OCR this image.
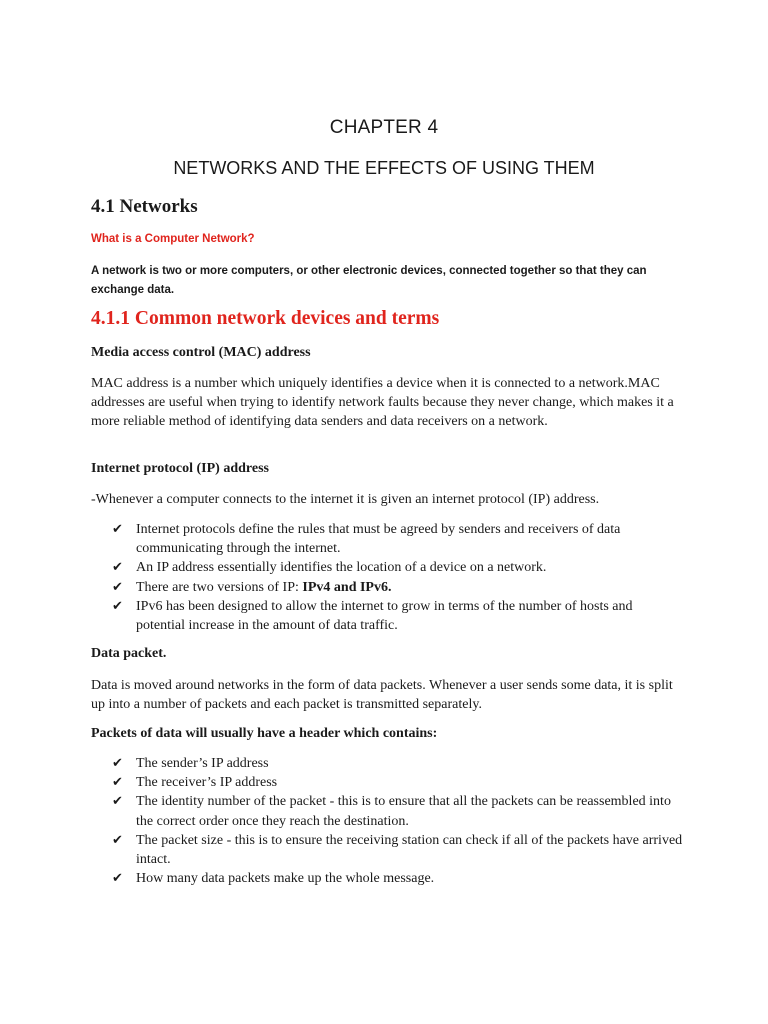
CHAPTER 4
NETWORKS AND THE EFFECTS OF USING THEM
4.1 Networks

What is a Computer Network?

A network is two or more computers, or other electronic devices, connected together so that they can exchange data.

4.1.1 Common network devices and terms
Media access control (MAC) address

MAC address is a number which uniquely identifies a device when it is connected to a network.MAC addresses are useful when trying to identify network faults because they never change, which makes it a more reliable method of identifying data senders and data receivers on a network.

Internet protocol (IP) address

-Whenever a computer connects to the internet it is given an internet protocol (IP) address.

✔ Internet protocols define the rules that must be agreed by senders and receivers of data communicating through the internet.
✔ An IP address essentially identifies the location of a device on a network.
✔ There are two versions of IP: IPv4 and IPv6.
✔ IPv6 has been designed to allow the internet to grow in terms of the number of hosts and potential increase in the amount of data traffic.
Data packet.

Data is moved around networks in the form of data packets. Whenever a user sends some data, it is split up into a number of packets and each packet is transmitted separately.

Packets of data will usually have a header which contains:
✔ The sender’s IP address
✔ The receiver’s IP address
✔ The identity number of the packet - this is to ensure that all the packets can be reassembled into the correct order once they reach the destination.
✔ The packet size - this is to ensure the receiving station can check if all of the packets have arrived intact.
✔ How many data packets make up the whole message.
